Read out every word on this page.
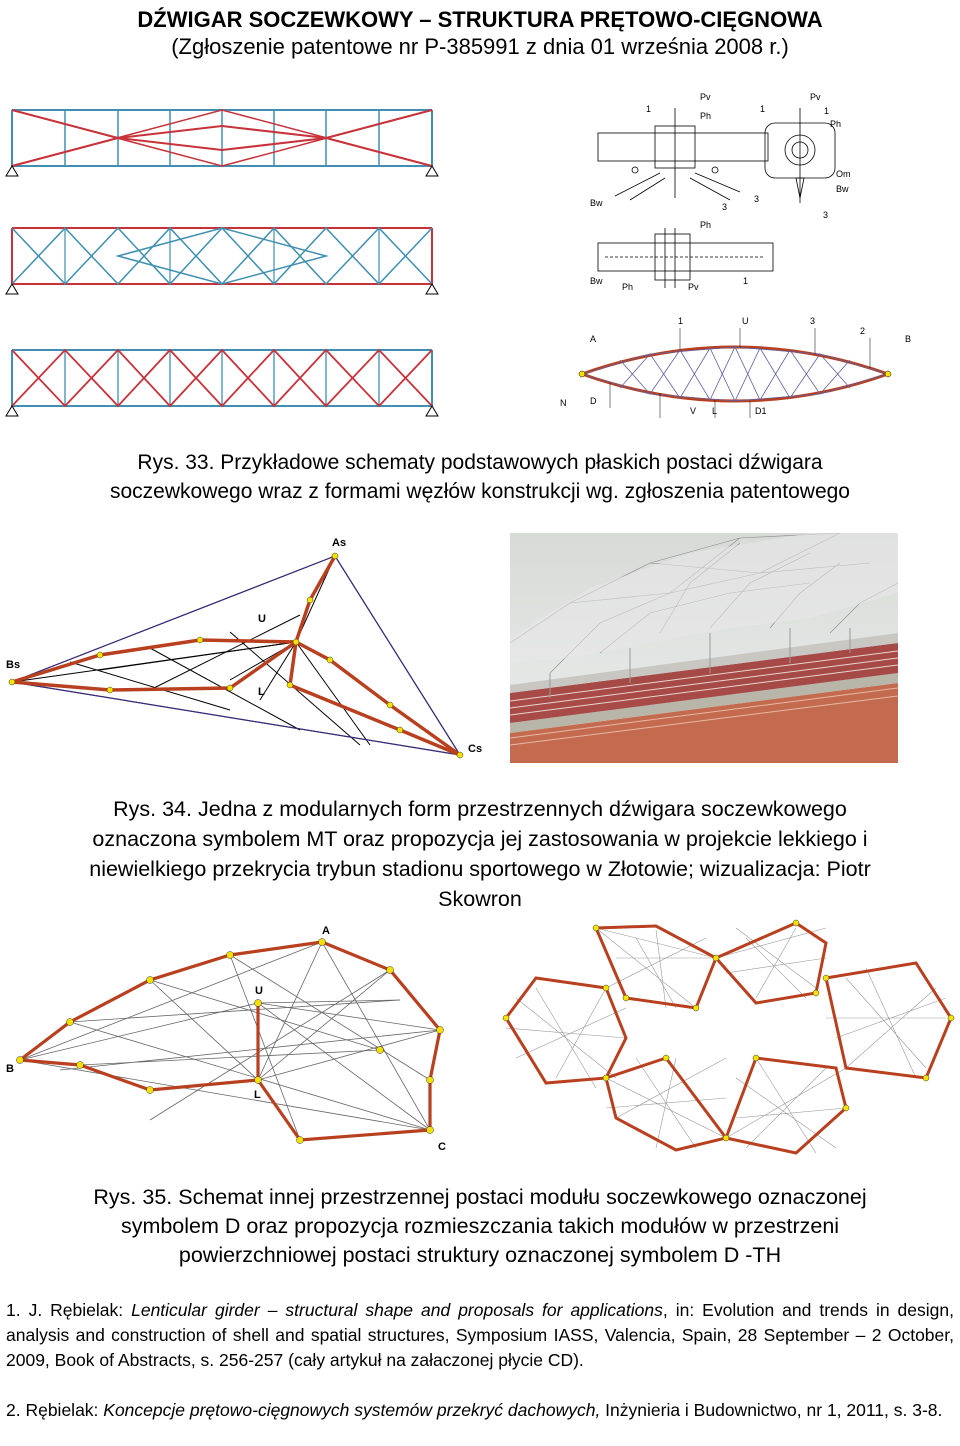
DŹWIGAR SOCZEWKOWY – STRUKTURA PRĘTOWO-CIĘGNOWA
(Zgłoszenie patentowe nr P-385991 z dnia 01 września 2008 r.)
1
Pv
Ph
1
Pv
1
Ph
Om
Bw
Bw	3
3
3
Ph
Bw
Ph	Pv
1
1	U	3
2
A	B
N	D
V L	D1
Rys. 33. Przykładowe schematy podstawowych płaskich postaci dźwigara
soczewkowego wraz z formami węzłów konstrukcji wg. zgłoszenia patentowego
As
U
Bs
L
Cs
Rys. 34. Jedna z modularnych form przestrzennych dźwigara soczewkowego
oznaczona symbolem MT oraz propozycja jej zastosowania w projekcie lekkiego i
niewielkiego przekrycia trybun stadionu sportowego w Złotowie; wizualizacja: Piotr
Skowron
A
U
B
L
C
Rys. 35. Schemat innej przestrzennej postaci modułu soczewkowego oznaczonej
symbolem D oraz propozycja rozmieszczania takich modułów w przestrzeni
powierzchniowej postaci struktury oznaczonej symbolem D -TH
1. J. Rębielak: Lenticular girder – structural shape and proposals for applications, in: Evolution and trends in design, analysis and construction of shell and spatial structures, Symposium IASS, Valencia, Spain, 28 September – 2 October, 2009, Book of Abstracts, s. 256-257 (cały artykuł na załaczonej płycie CD).
2. Rębielak: Koncepcje prętowo-cięgnowych systemów przekryć dachowych, Inżynieria i Budownictwo, nr 1, 2011, s. 3-8.
